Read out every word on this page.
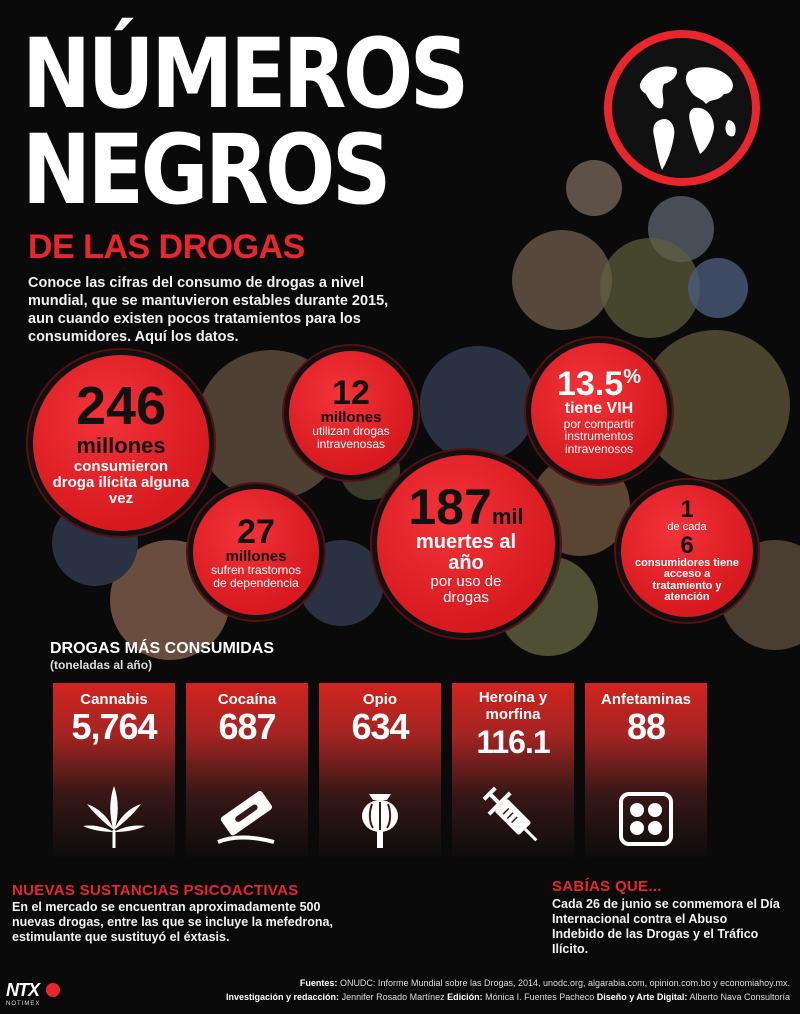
NÚMEROS
NEGROS
DE LAS DROGAS
Conoce las cifras del consumo de drogas a nivel mundial, que se mantuvieron estables durante 2015, aun cuando existen pocos tratamientos para los consumidores. Aquí los datos.
246
millones
consumieron droga ilícita alguna vez
12
millones
utilizan drogas intravenosas
13.5%
tiene VIH
por compartir instrumentos intravenosos
27
millones
sufren trastornos de dependencia
187mil
muertes al año
por uso de drogas
1
de cada
6
consumidores tiene acceso a
tratamiento y atención
DROGAS MÁS CONSUMIDAS
(toneladas al año)
Cannabis
5,764
Cocaína
687
Opio
634
Heroína y morfina
116.1
Anfetaminas
88
NUEVAS SUSTANCIAS PSICOACTIVAS
En el mercado se encuentran aproximadamente 500 nuevas drogas, entre las que se incluye la mefedrona, estimulante que sustituyó el éxtasis.
SABÍAS QUE...
Cada 26 de junio se conmemora el Día Internacional contra el Abuso Indebido de las Drogas y el Tráfico Ilícito.
Fuentes: ONUDC: Informe Mundial sobre las Drogas, 2014, unodc.org, algarabia.com, opinion.com.bo y economiahoy.mx.
Investigación y redacción: Jennifer Rosado Martínez Edición: Mónica I. Fuentes Pacheco Diseño y Arte Digital: Alberto Nava Consultoría
NTX
NOTIMEX
